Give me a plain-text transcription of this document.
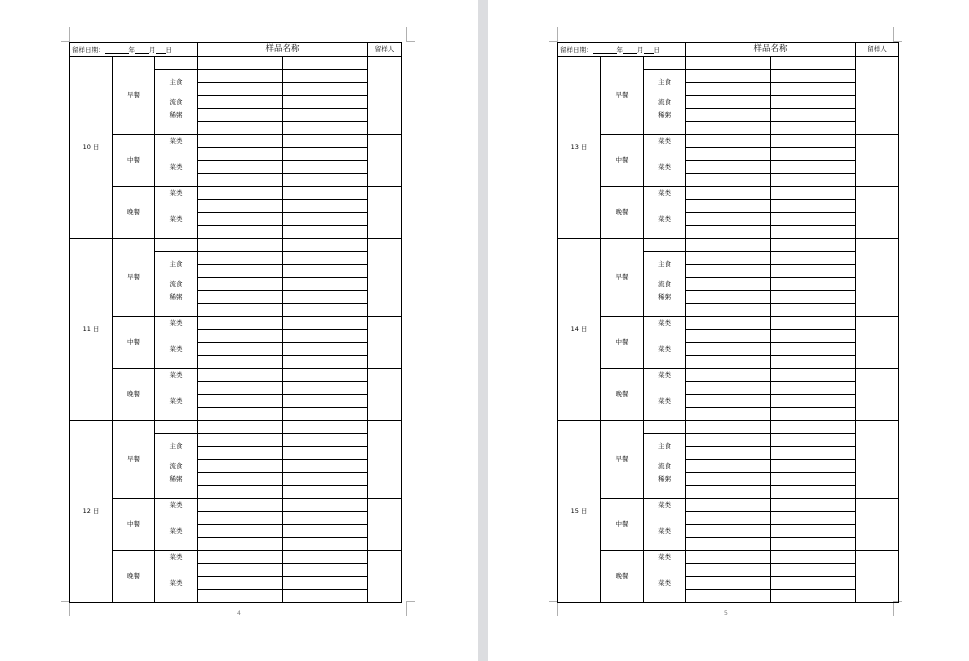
留样日期： 年 月 日			样品名称		留样人
10 日	早餐				
		主食			

		流食			
		稀粥			

	中餐	菜类			

		菜类			

	晚餐	菜类			

		菜类			

11 日	早餐				
		主食			

		流食			
		稀粥			

	中餐	菜类			

		菜类			

	晚餐	菜类			

		菜类			

12 日	早餐				
		主食			

		流食			
		稀粥			

	中餐	菜类			

		菜类			

	晚餐	菜类			

		菜类			

4
留样日期： 年 月 日			样品名称		留样人
13 日	早餐				
		主食			

		流食			
		稀粥			

	中餐	菜类			

		菜类			

	晚餐	菜类			

		菜类			

14 日	早餐				
		主食			

		流食			
		稀粥			

	中餐	菜类			

		菜类			

	晚餐	菜类			

		菜类			

15 日	早餐				
		主食			

		流食			
		稀粥			

	中餐	菜类			

		菜类			

	晚餐	菜类			

		菜类			

5
